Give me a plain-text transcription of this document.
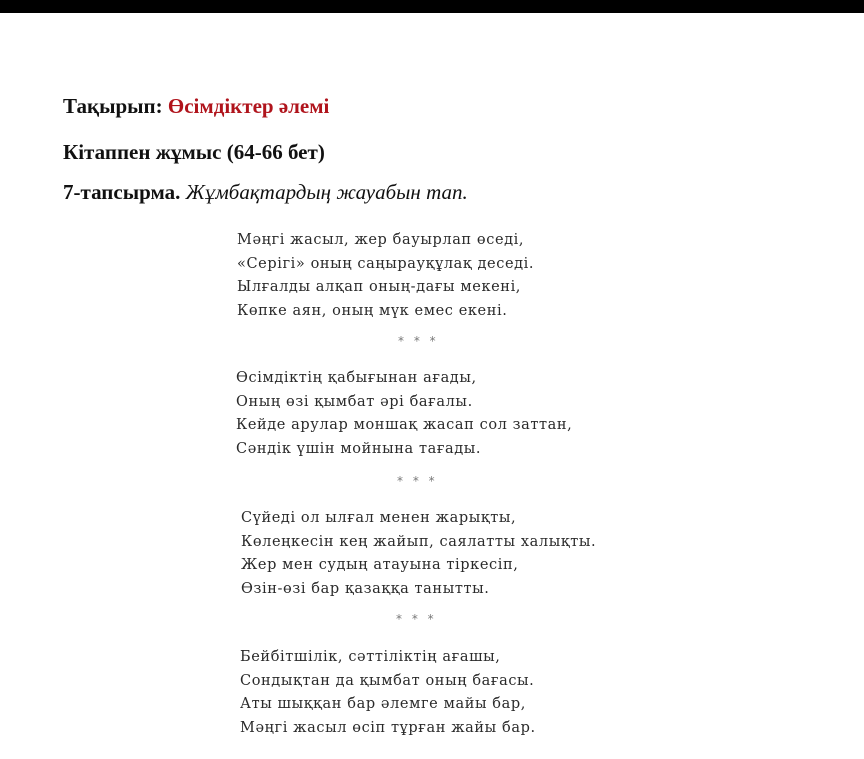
Тақырып: Өсімдіктер әлемі
Кітаппен жұмыс (64-66 бет)
7-тапсырма. Жұмбақтардың жауабын тап.
Мәңгі жасыл, жер бауырлап өседі,
«Серігі» оның саңырауқұлақ деседі.
Ылғалды алқап оның-дағы мекені,
Көпке аян, оның мүк емес екені.
* * *
Өсімдіктің қабығынан ағады,
Оның өзі қымбат әрі бағалы.
Кейде арулар моншақ жасап сол заттан,
Сәндік үшін мойнына тағады.
* * *
Сүйеді ол ылғал менен жарықты,
Көлеңкесін кең жайып, саялатты халықты.
Жер мен судың атауына тіркесіп,
Өзін-өзі бар қазаққа танытты.
* * *
Бейбітшілік, сәттіліктің ағашы,
Сондықтан да қымбат оның бағасы.
Аты шыққан бар әлемге майы бар,
Мәңгі жасыл өсіп тұрған жайы бар.
